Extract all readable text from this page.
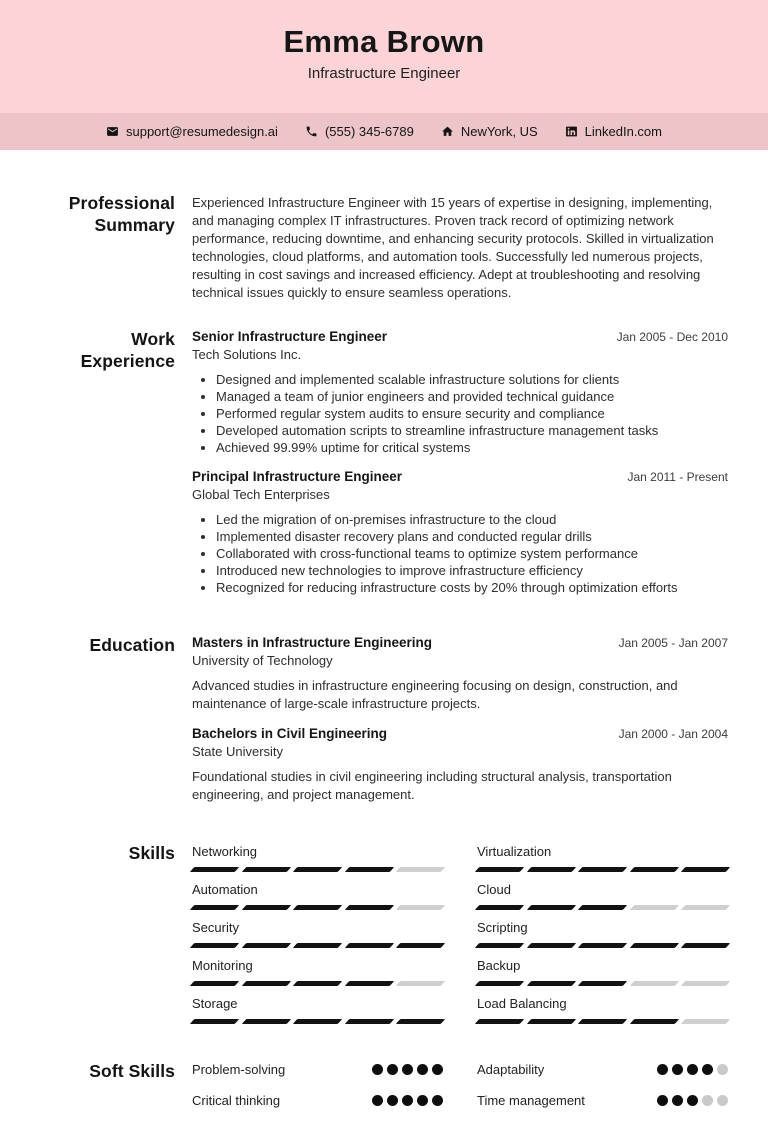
Emma Brown
Infrastructure Engineer
support@resumedesign.ai	(555) 345-6789	NewYork, US	LinkedIn.com
Professional Summary

Experienced Infrastructure Engineer with 15 years of expertise in designing, implementing, and managing complex IT infrastructures. Proven track record of optimizing network performance, reducing downtime, and enhancing security protocols. Skilled in virtualization technologies, cloud platforms, and automation tools. Successfully led numerous projects, resulting in cost savings and increased efficiency. Adept at troubleshooting and resolving technical issues quickly to ensure seamless operations.

Work Experience
Senior Infrastructure Engineer	Jan 2005 - Dec 2010
Tech Solutions Inc.
• Designed and implemented scalable infrastructure solutions for clients
• Managed a team of junior engineers and provided technical guidance
• Performed regular system audits to ensure security and compliance
• Developed automation scripts to streamline infrastructure management tasks
• Achieved 99.99% uptime for critical systems
Principal Infrastructure Engineer	Jan 2011 - Present
Global Tech Enterprises
• Led the migration of on-premises infrastructure to the cloud
• Implemented disaster recovery plans and conducted regular drills
• Collaborated with cross-functional teams to optimize system performance
• Introduced new technologies to improve infrastructure efficiency
• Recognized for reducing infrastructure costs by 20% through optimization efforts
Education Masters in Infrastructure Engineering	Jan 2005 - Jan 2007
University of Technology

Advanced studies in infrastructure engineering focusing on design, construction, and maintenance of large-scale infrastructure projects.

Bachelors in Civil Engineering	Jan 2000 - Jan 2004
State University

Foundational studies in civil engineering including structural analysis, transportation engineering, and project management.

Skills Networking	Virtualization
Automation	Cloud
Security	Scripting
Monitoring	Backup
Storage	Load Balancing
Soft Skills Problem-solving	Adaptability
Critical thinking	Time management
